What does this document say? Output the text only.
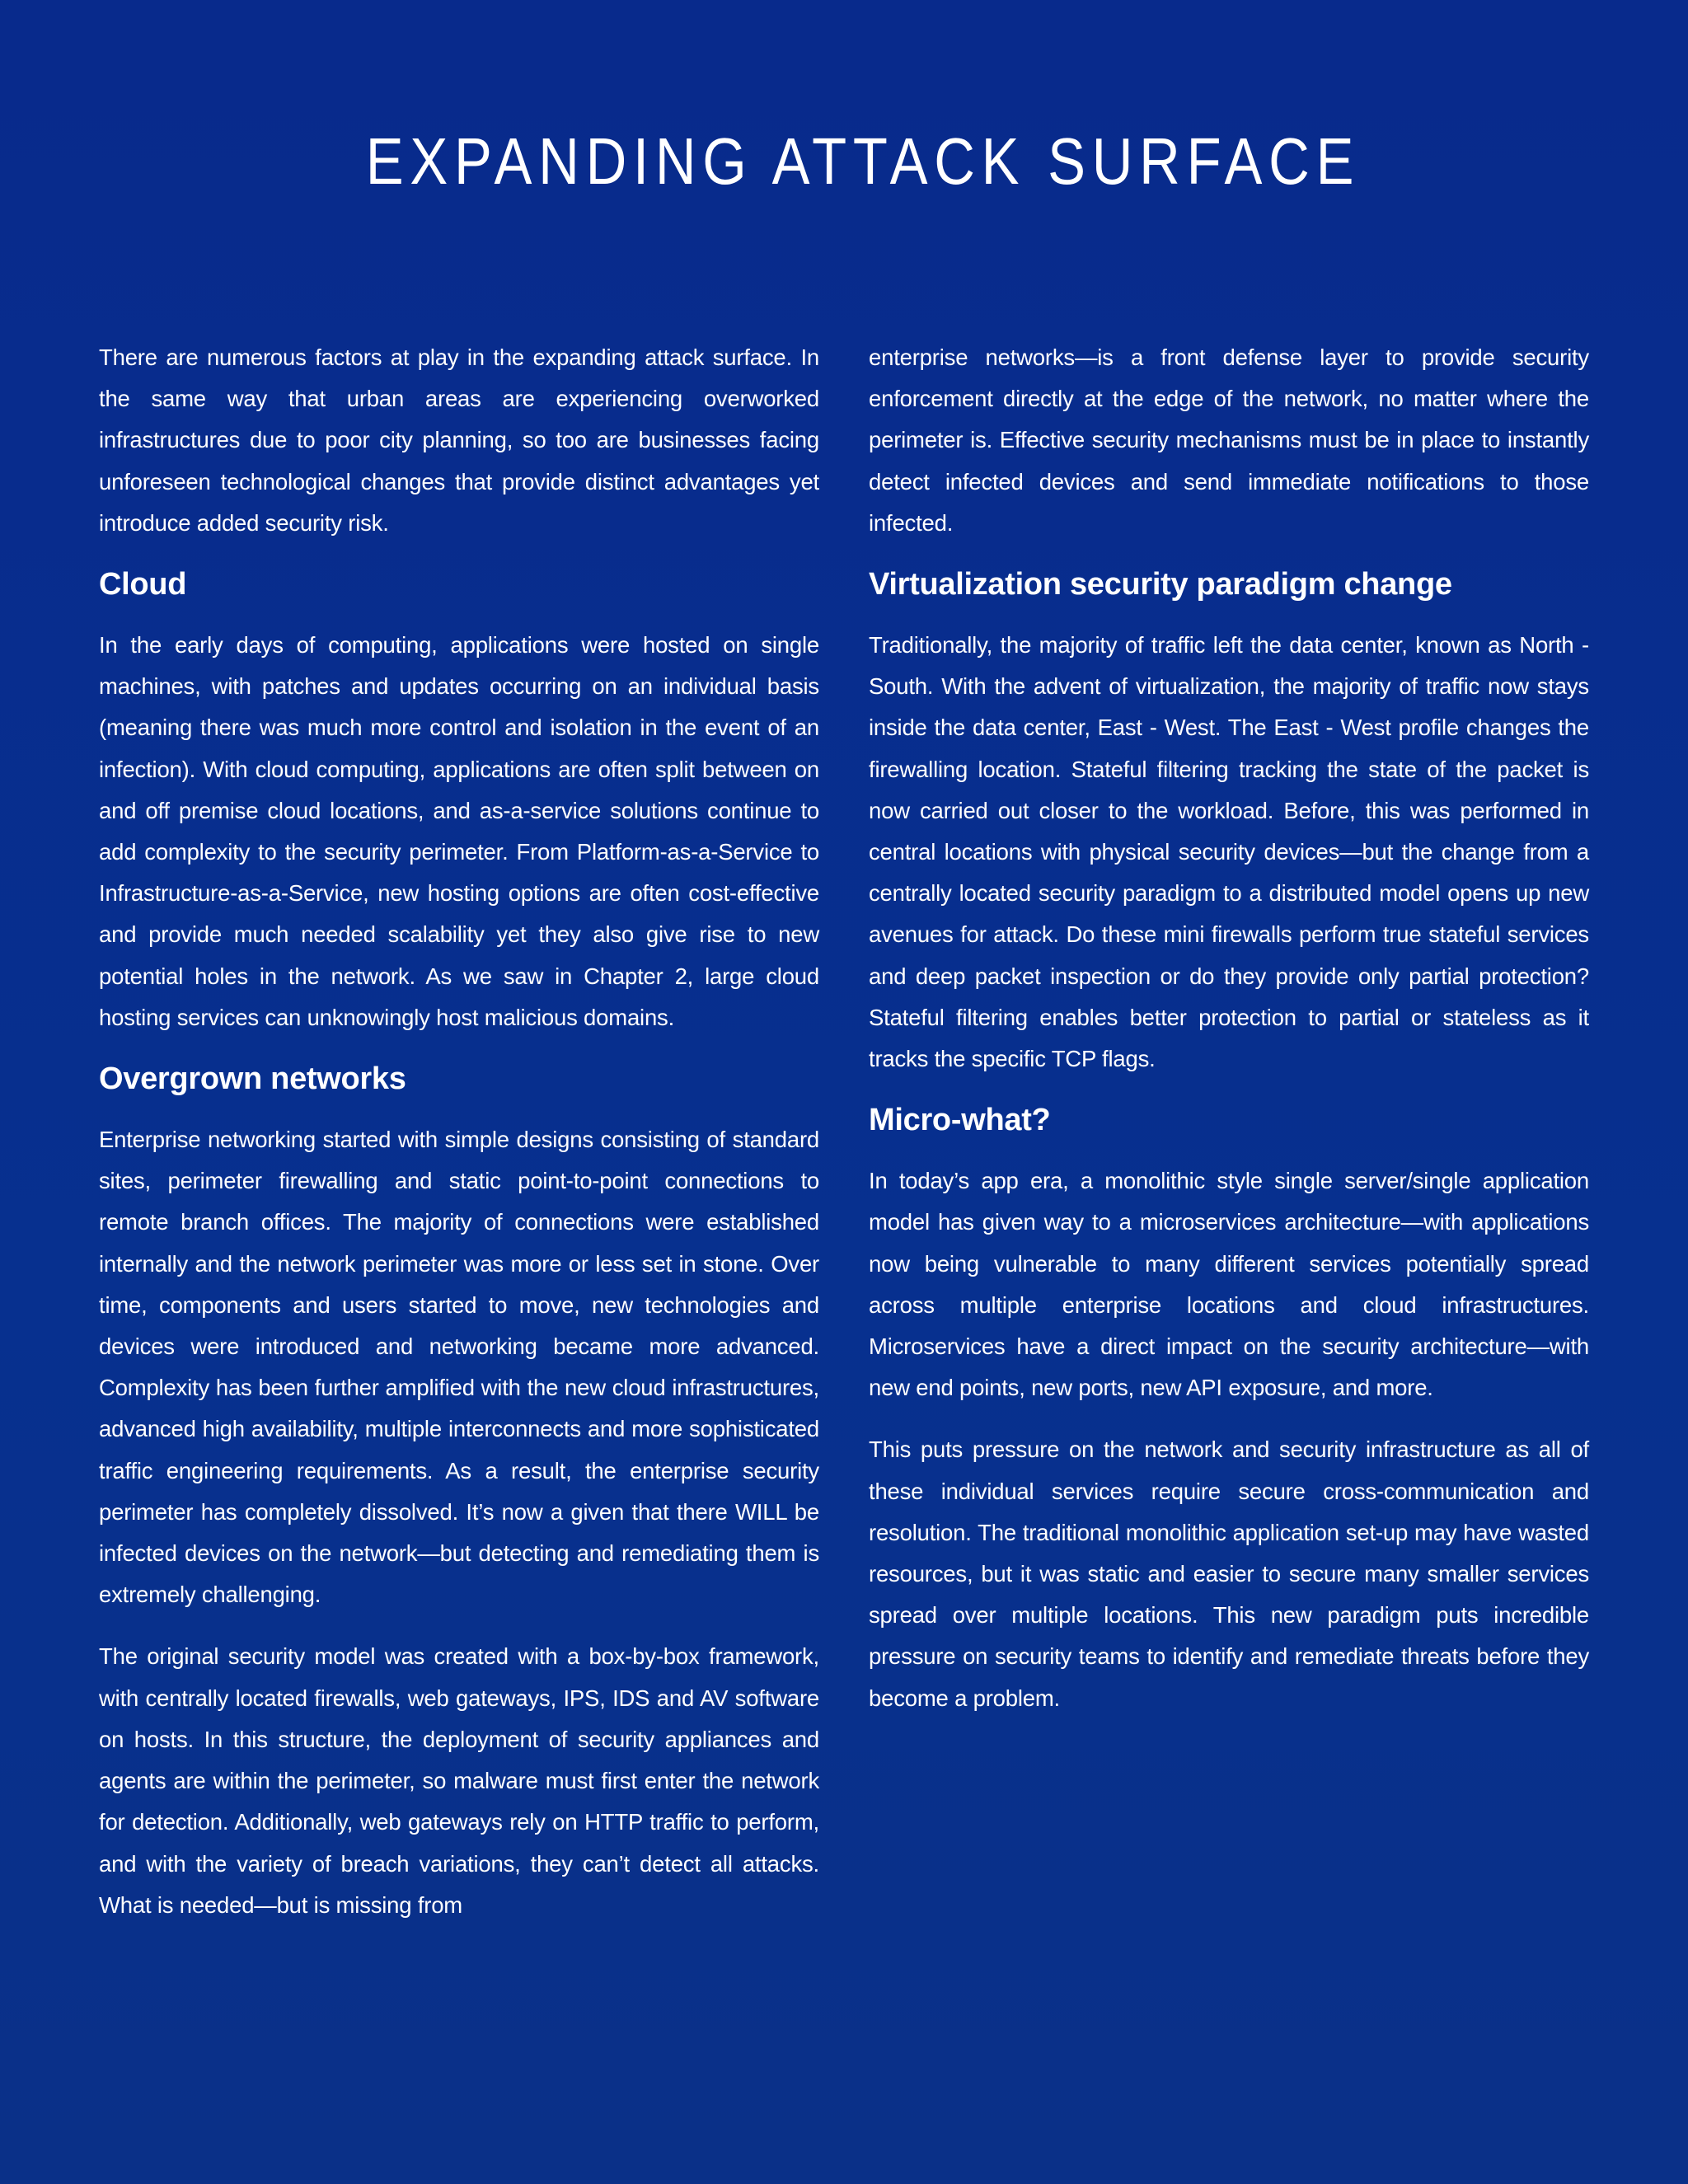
EXPANDING ATTACK SURFACE

There are numerous factors at play in the expanding attack surface. In the same way that urban areas are experiencing overworked infrastructures due to poor city planning, so too are businesses facing unforeseen technological changes that provide distinct advantages yet introduce added security risk.

Cloud

In the early days of computing, applications were hosted on single machines, with patches and updates occurring on an individual basis (meaning there was much more control and isolation in the event of an infection). With cloud computing, applications are often split between on and off premise cloud locations, and as-a-service solutions continue to add complexity to the security perimeter. From Platform-as-a-Service to Infrastructure-as-a-Service, new hosting options are often cost-effective and provide much needed scalability yet they also give rise to new potential holes in the network. As we saw in Chapter 2, large cloud hosting services can unknowingly host malicious domains.

Overgrown networks

Enterprise networking started with simple designs consisting of standard sites, perimeter firewalling and static point-to-point connections to remote branch offices. The majority of connections were established internally and the network perimeter was more or less set in stone. Over time, components and users started to move, new technologies and devices were introduced and networking became more advanced. Complexity has been further amplified with the new cloud infrastructures, advanced high availability, multiple interconnects and more sophisticated traffic engineering requirements. As a result, the enterprise security perimeter has completely dissolved. It’s now a given that there WILL be infected devices on the network—but detecting and remediating them is extremely challenging.

The original security model was created with a box-by-box framework, with centrally located firewalls, web gateways, IPS, IDS and AV software on hosts. In this structure, the deployment of security appliances and agents are within the perimeter, so malware must first enter the network for detection. Additionally, web gateways rely on HTTP traffic to perform, and with the variety of breach variations, they can’t detect all attacks. What is needed—but is missing from

enterprise networks—is a front defense layer to provide security enforcement directly at the edge of the network, no matter where the perimeter is. Effective security mechanisms must be in place to instantly detect infected devices and send immediate notifications to those infected.

Virtualization security paradigm change

Traditionally, the majority of traffic left the data center, known as North - South. With the advent of virtualization, the majority of traffic now stays inside the data center, East - West. The East - West profile changes the firewalling location. Stateful filtering tracking the state of the packet is now carried out closer to the workload. Before, this was performed in central locations with physical security devices—but the change from a centrally located security paradigm to a distributed model opens up new avenues for attack. Do these mini firewalls perform true stateful services and deep packet inspection or do they provide only partial protection? Stateful filtering enables better protection to partial or stateless as it tracks the specific TCP flags.

Micro-what?

In today’s app era, a monolithic style single server/single application model has given way to a microservices architecture—with applications now being vulnerable to many different services potentially spread across multiple enterprise locations and cloud infrastructures. Microservices have a direct impact on the security architecture—with new end points, new ports, new API exposure, and more.

This puts pressure on the network and security infrastructure as all of these individual services require secure cross-communication and resolution. The traditional monolithic application set-up may have wasted resources, but it was static and easier to secure many smaller services spread over multiple locations. This new paradigm puts incredible pressure on security teams to identify and remediate threats before they become a problem.
